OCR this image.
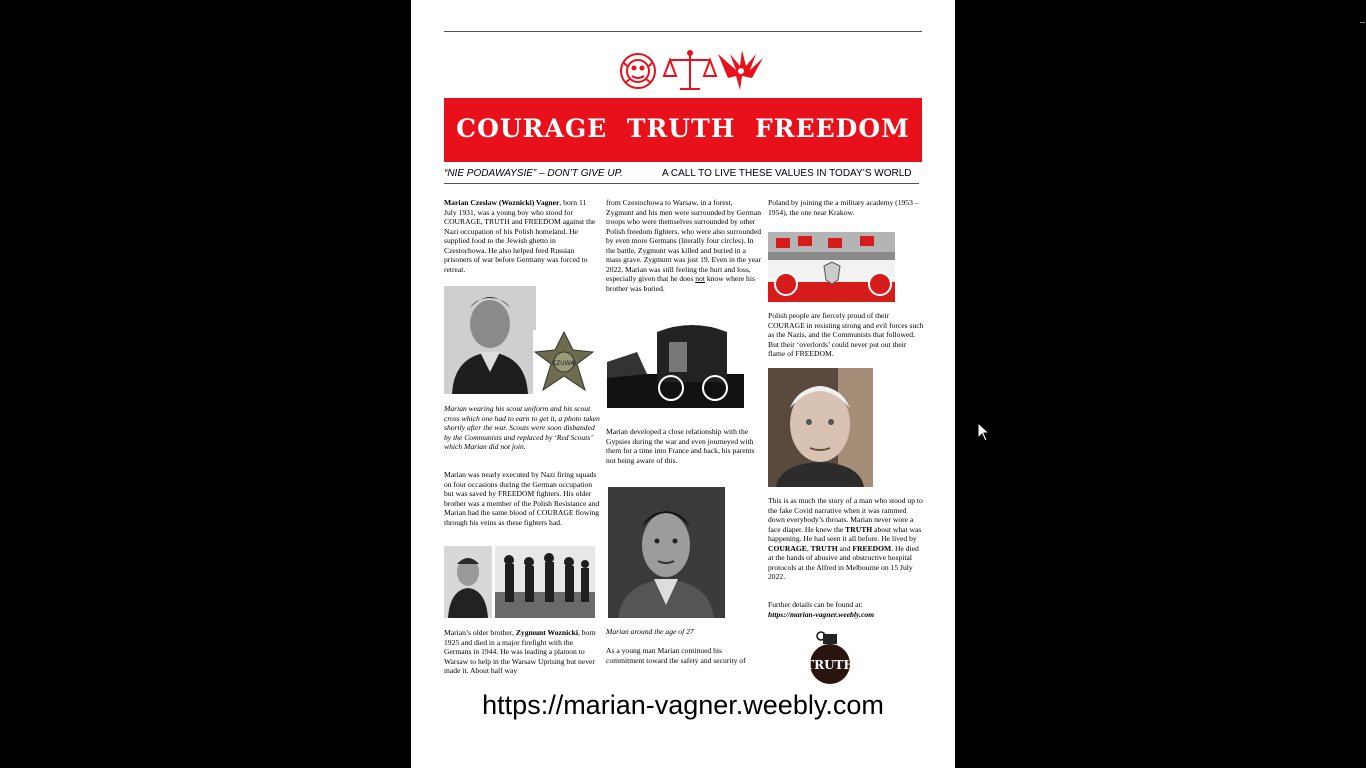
COURAGE TRUTH FREEDOM
“NIE PODAWAYSIE” – DON’T GIVE UP.	A CALL TO LIVE THESE VALUES IN TODAY’S WORLD

Marian Czeslaw (Woznicki) Vagner, born 11 July 1931, was a young boy who stood for COURAGE, TRUTH and FREEDOM against the Nazi occupation of his Polish homeland. He supplied food to the Jewish ghetto in Czestochowa. He also helped feed Russian prisoners of war before Germany was forced to retreat.

CZUWAJ

Marian wearing his scout uniform and his scout cross which one had to earn to get it, a photo taken shortly after the war. Scouts were soon disbanded by the Communists and replaced by ‘Red Scouts’ which Marian did not join.

Marian was nearly executed by Nazi firing squads on four occasions during the German occupation but was saved by FREEDOM fighters. His older brother was a member of the Polish Resistance and Marian had the same blood of COURAGE flowing through his veins as these fighters had.

Marian’s older brother, Zygmunt Woznicki, born 1925 and died in a major firefight with the Germans in 1944. He was leading a platoon to Warsaw to help in the Warsaw Uprising but never made it. About half way

from Czestochowa to Warsaw, in a forest, Zygmunt and his men were surrounded by German troops who were themselves surrounded by other Polish freedom fighters, who were also surrounded by even more Germans (literally four circles). In the battle, Zygmunt was killed and buried in a mass grave. Zygmunt was just 19. Even in the year 2022, Marian was still feeling the hurt and loss, especially given that he does not know where his brother was buried.

Marian developed a close relationship with the Gypsies during the war and even journeyed with them for a time into France and back, his parents not being aware of this.

Marian around the age of 27

As a young man Marian continued his commitment toward the safety and security of

Poland by joining the a military academy (1953 – 1954), the one near Krakow.

Polish people are fiercely proud of their COURAGE in resisting strong and evil forces such as the Nazis, and the Communists that followed. But their ‘overlords’ could never put out their flame of FREEDOM.

This is as much the story of a man who stood up to the fake Covid narrative when it was rammed down everybody’s throats. Marian never wore a face diaper. He knew the TRUTH about what was happening. He had seen it all before. He lived by COURAGE, TRUTH and FREEDOM. He died at the hands of abusive and obstructive hospital protocols at the Alfred in Melbourne on 15 July 2022.

Further details can be found at:

https://marian-vagner.weebly.com

TRUTH
https://marian-vagner.weebly.com
